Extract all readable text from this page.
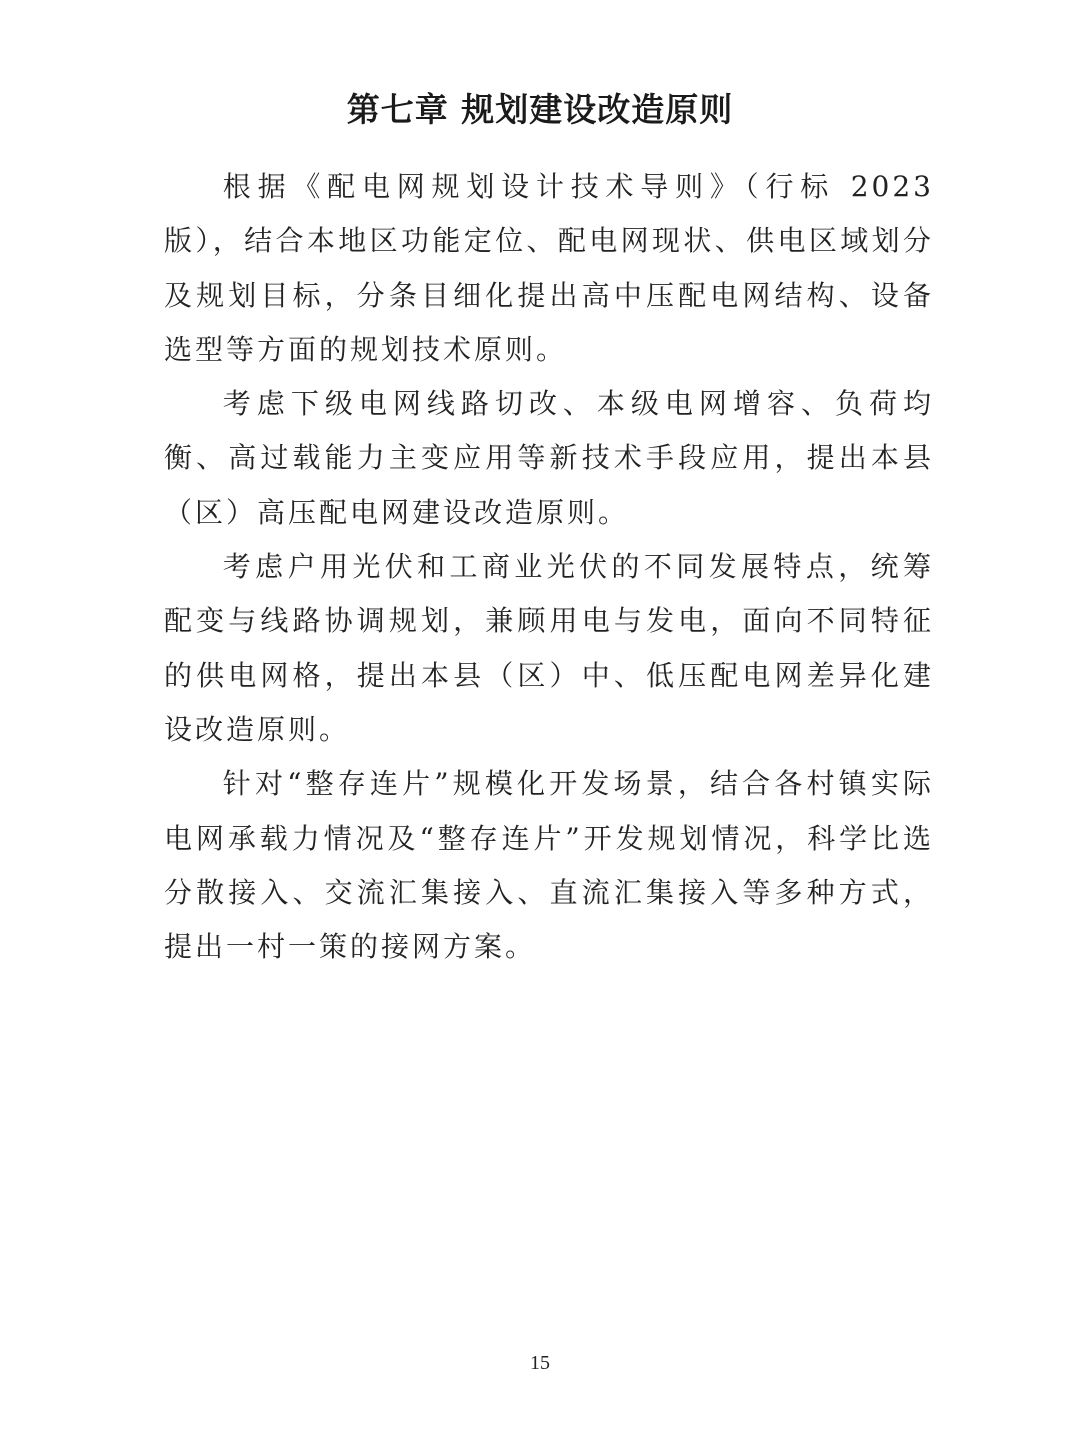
第七章 规划建设改造原则

根据《配电网规划设计技术导则》（行标 2023 版），结合本地区功能定位、配电网现状、供电区域划分及规划目标，分条目细化提出高中压配电网结构、设备选型等方面的规划技术原则。

考虑下级电网线路切改、本级电网增容、负荷均衡、高过载能力主变应用等新技术手段应用，提出本县（区）高压配电网建设改造原则。

考虑户用光伏和工商业光伏的不同发展特点，统筹配变与线路协调规划，兼顾用电与发电，面向不同特征的供电网格，提出本县（区）中、低压配电网差异化建设改造原则。

针对“整存连片”规模化开发场景，结合各村镇实际电网承载力情况及“整存连片”开发规划情况，科学比选分散接入、交流汇集接入、直流汇集接入等多种方式，提出一村一策的接网方案。

15
